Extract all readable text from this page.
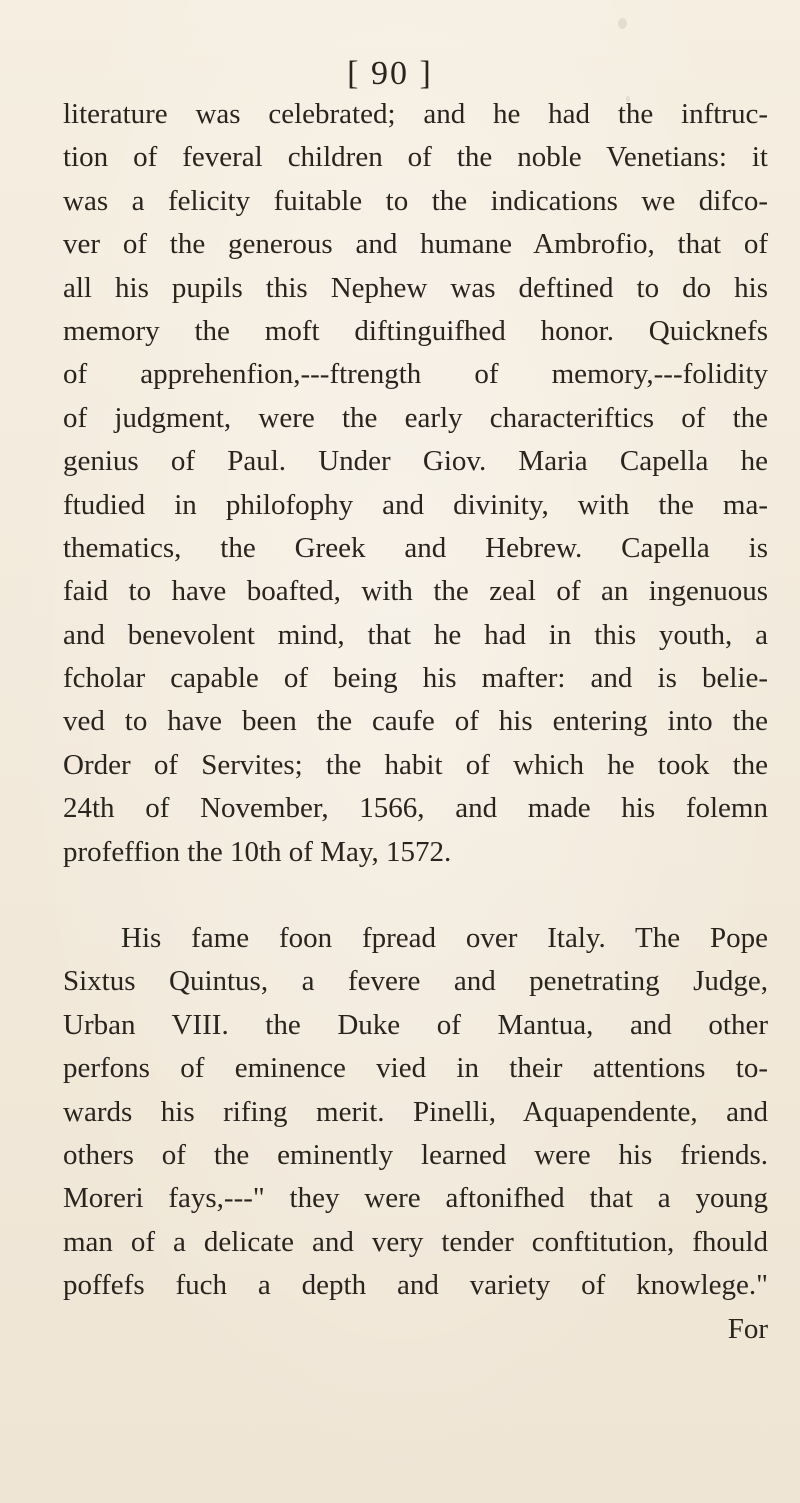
[ 90 ]
literature was celebrated; and he had the inftruc-
tion of feveral children of the noble Venetians: it
was a felicity fuitable to the indications we difco-
ver of the generous and humane Ambrofio, that of
all his pupils this Nephew was deftined to do his
memory the moft diftinguifhed honor. Quicknefs
of apprehenfion,---ftrength of memory,---folidity
of judgment, were the early characteriftics of the
genius of Paul. Under Giov. Maria Capella he
ftudied in philofophy and divinity, with the ma-
thematics, the Greek and Hebrew. Capella is
faid to have boafted, with the zeal of an ingenuous
and benevolent mind, that he had in this youth, a
fcholar capable of being his mafter: and is belie-
ved to have been the caufe of his entering into the
Order of Servites; the habit of which he took the
24th of November, 1566, and made his folemn
profeffion the 10th of May, 1572.
His fame foon fpread over Italy. The Pope
Sixtus Quintus, a fevere and penetrating Judge,
Urban VIII. the Duke of Mantua, and other
perfons of eminence vied in their attentions to-
wards his rifing merit. Pinelli, Aquapendente, and
others of the eminently learned were his friends.
Moreri fays,---" they were aftonifhed that a young
man of a delicate and very tender conftitution, fhould
poffefs fuch a depth and variety of knowlege."
For
